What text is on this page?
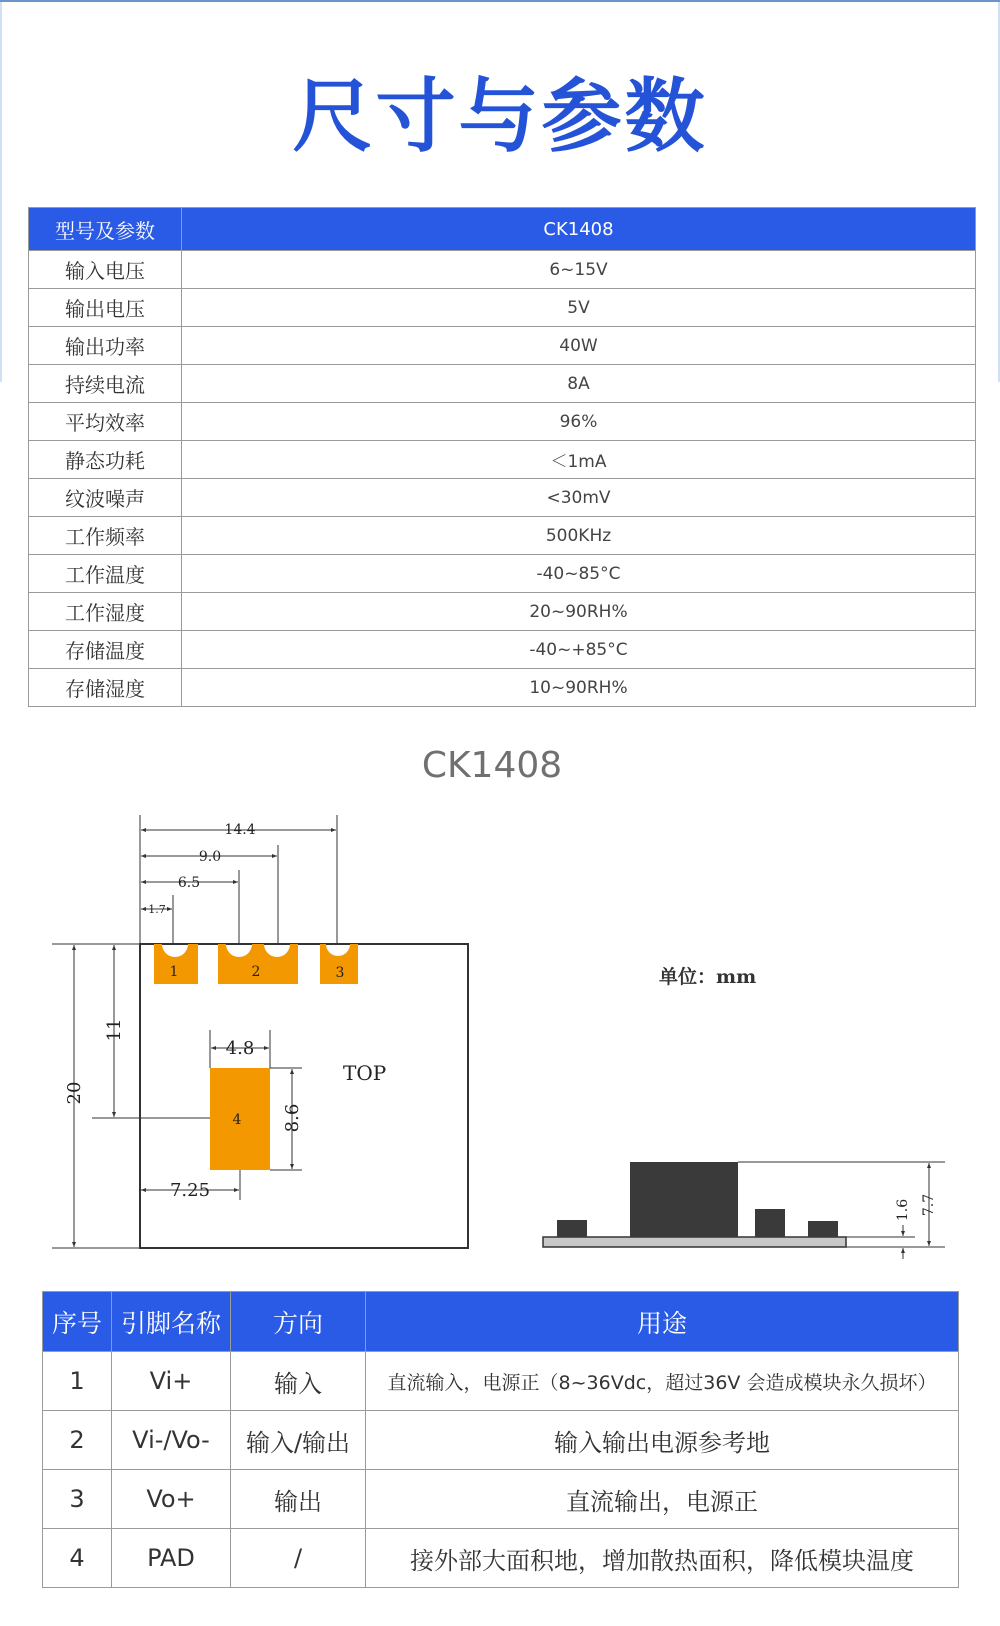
尺寸与参数
型号及参数	CK1408
输入电压	6~15V
输出电压	5V
输出功率	40W
持续电流	8A
平均效率	96%
静态功耗	＜1mA
纹波噪声	<30mV
工作频率	500KHz
工作温度	-40~85°C
工作湿度	20~90RH%
存储温度	-40~+85°C
存储湿度	10~90RH%
CK1408
1	2	3
4
14.4
9.0
6.5
1.7
4.8
7.25
20
11
8.6
TOP
单位：mm
1.6 7.7
序号	引脚名称	方向	用途
1	Vi+	输入	直流输入，电源正（8~36Vdc，超过36V 会造成模块永久损坏）
2	Vi-/Vo-	输入/输出	输入输出电源参考地
3	Vo+	输出	直流输出，电源正
4	PAD	/	接外部大面积地，增加散热面积，降低模块温度
